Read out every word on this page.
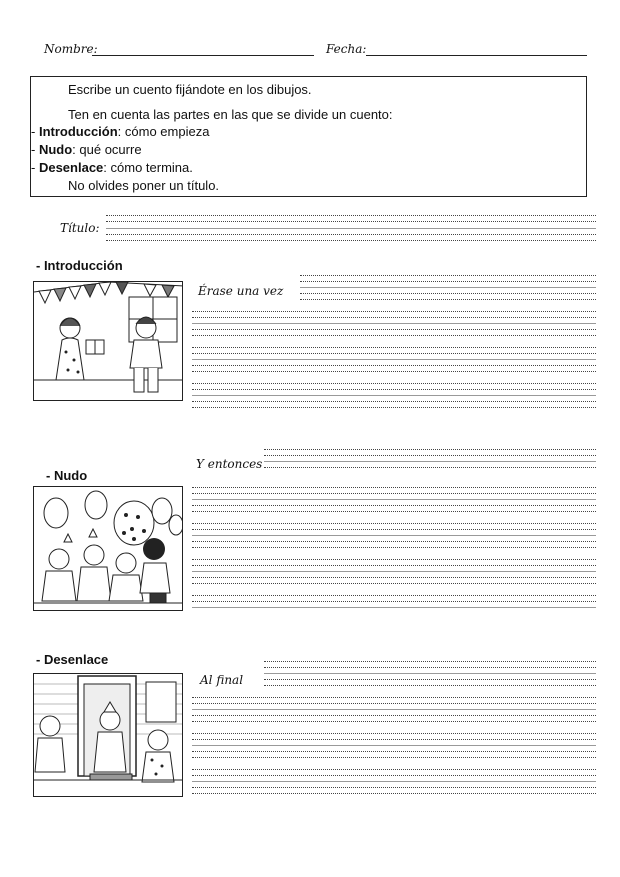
Nombre:	Fecha:

Escribe un cuento fijándote en los dibujos.

Ten en cuenta las partes en las que se divide un cuento:

- Introducción: cómo empieza

- Nudo: qué ocurre

- Desenlace: cómo termina.

No olvides poner un título.

Título:
- Introducción
Érase una vez
Y entonces
- Nudo
- Desenlace
Al final
